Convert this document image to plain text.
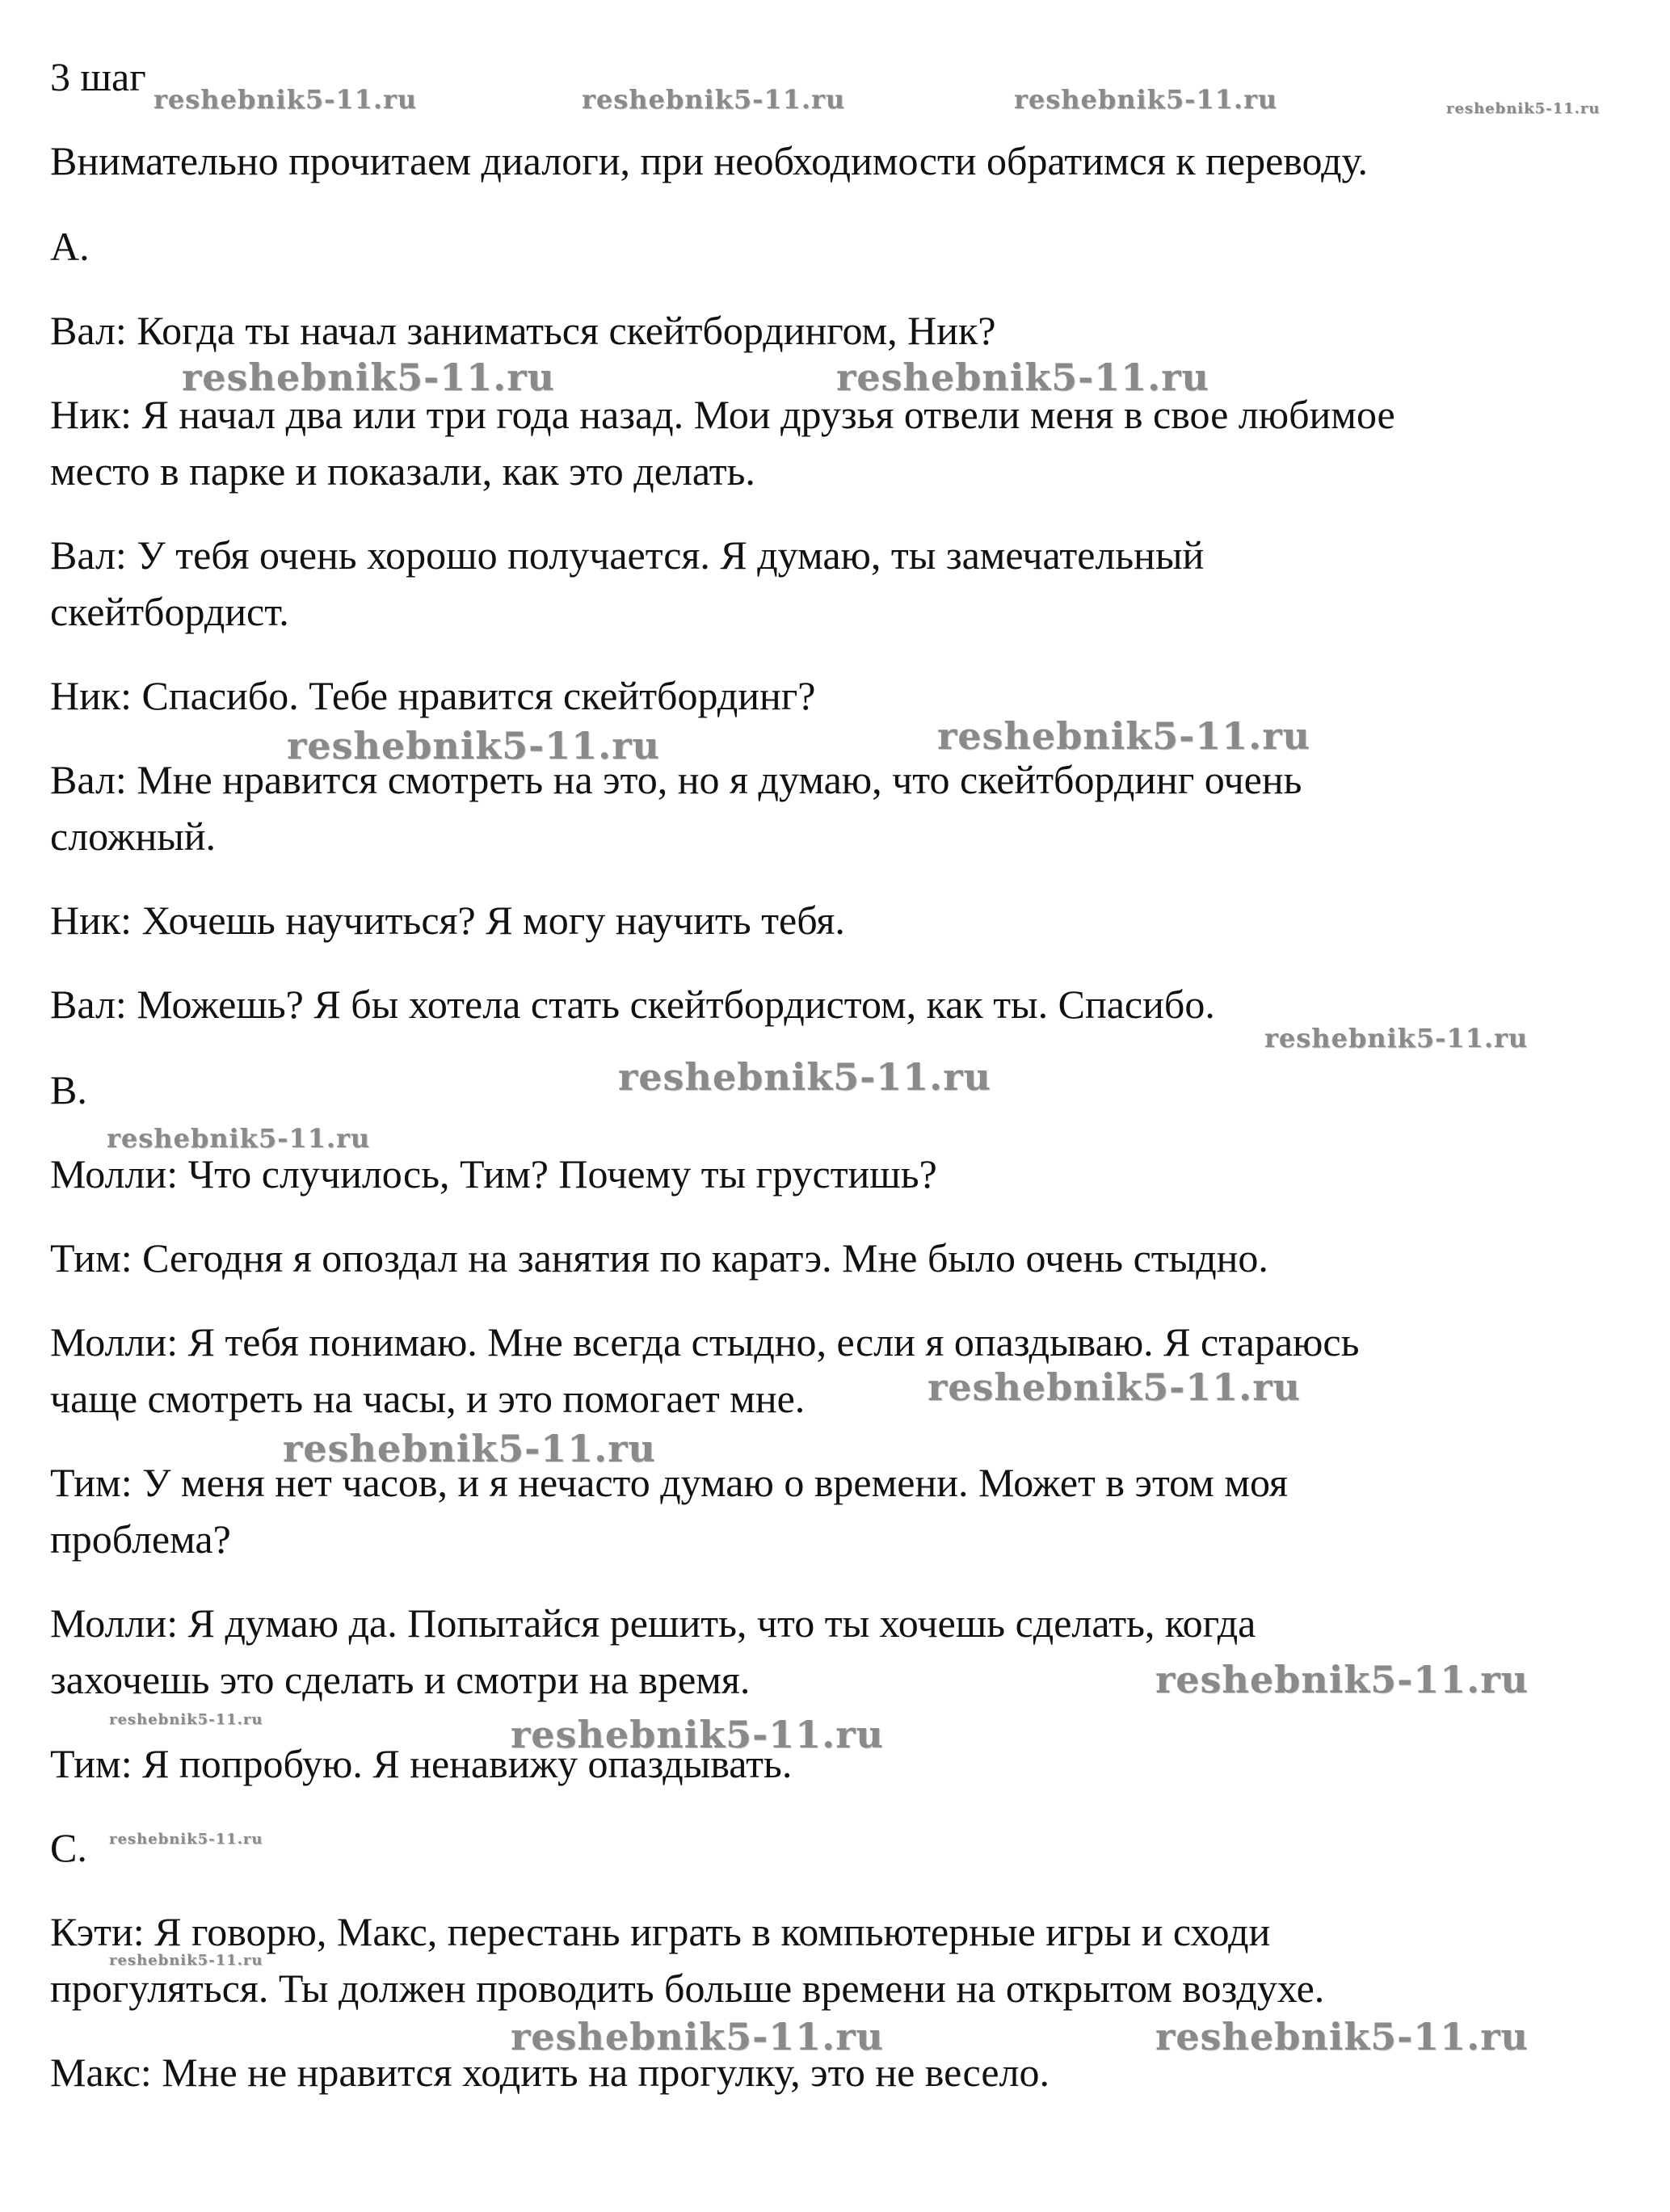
3 шаг
Внимательно прочитаем диалоги, при необходимости обратимся к переводу.
A.
Вал: Когда ты начал заниматься скейтбордингом, Ник?
Ник: Я начал два или три года назад. Мои друзья отвели меня в свое любимое
место в парке и показали, как это делать.
Вал: У тебя очень хорошо получается. Я думаю, ты замечательный
скейтбордист.
Ник: Спасибо. Тебе нравится скейтбординг?
Вал: Мне нравится смотреть на это, но я думаю, что скейтбординг очень
сложный.
Ник: Хочешь научиться? Я могу научить тебя.
Вал: Можешь? Я бы хотела стать скейтбордистом, как ты. Спасибо.
B.
Молли: Что случилось, Тим? Почему ты грустишь?
Тим: Сегодня я опоздал на занятия по каратэ. Мне было очень стыдно.
Молли: Я тебя понимаю. Мне всегда стыдно, если я опаздываю. Я стараюсь
чаще смотреть на часы, и это помогает мне.
Тим: У меня нет часов, и я нечасто думаю о времени. Может в этом моя
проблема?
Молли: Я думаю да. Попытайся решить, что ты хочешь сделать, когда
захочешь это сделать и смотри на время.
Тим: Я попробую. Я ненавижу опаздывать.
C.
Кэти: Я говорю, Макс, перестань играть в компьютерные игры и сходи
прогуляться. Ты должен проводить больше времени на открытом воздухе.
Макс: Мне не нравится ходить на прогулку, это не весело.
reshebnik5-11.ru	reshebnik5-11.ru	reshebnik5-11.ru	reshebnik5-11.ru
reshebnik5-11.ru	reshebnik5-11.ru
reshebnik5-11.ru	reshebnik5-11.ru
reshebnik5-11.ru
reshebnik5-11.ru
reshebnik5-11.ru
reshebnik5-11.ru
reshebnik5-11.ru
reshebnik5-11.ru
reshebnik5-11.ru	reshebnik5-11.ru
reshebnik5-11.ru
reshebnik5-11.ru
reshebnik5-11.ru	reshebnik5-11.ru
